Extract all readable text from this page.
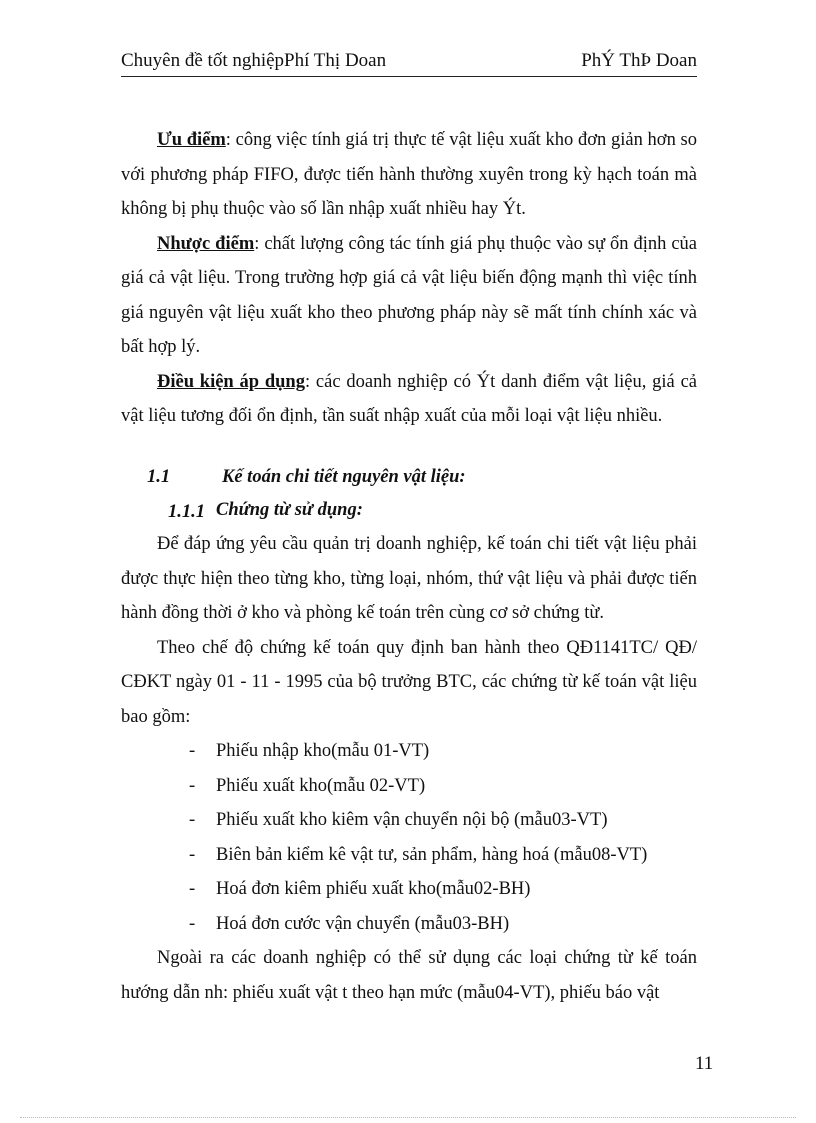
Chuyên đề tốt nghiệpPhí Thị Doan	PhÝ ThÞ Doan

Ưu điểm: công việc tính giá trị thực tế vật liệu xuất kho đơn giản hơn so với phương pháp FIFO, được tiến hành thường xuyên trong kỳ hạch toán mà không bị phụ thuộc vào số lần nhập xuất nhiều hay Ýt.

Nhược điểm: chất lượng công tác tính giá phụ thuộc vào sự ổn định của giá cả vật liệu. Trong trường hợp giá cả vật liệu biến động mạnh thì việc tính giá nguyên vật liệu xuất kho theo phương pháp này sẽ mất tính chính xác và bất hợp lý.

Điều kiện áp dụng: các doanh nghiệp có Ýt danh điểm vật liệu, giá cả vật liệu tương đối ổn định, tần suất nhập xuất của mỗi loại vật liệu nhiều.

1.1	Kế toán chi tiết nguyên vật liệu:
1.1.1 Chứng từ sử dụng:

Để đáp ứng yêu cầu quản trị doanh nghiệp, kế toán chi tiết vật liệu phải được thực hiện theo từng kho, từng loại, nhóm, thứ vật liệu và phải được tiến hành đồng thời ở kho và phòng kế toán trên cùng cơ sở chứng từ.

Theo chế độ chứng kế toán quy định ban hành theo QĐ1141TC/ QĐ/ CĐKT ngày 01 - 11 - 1995 của bộ trưởng BTC, các chứng từ kế toán vật liệu bao gồm:

- Phiếu nhập kho(mẫu 01-VT)
- Phiếu xuất kho(mẫu 02-VT)
- Phiếu xuất kho kiêm vận chuyển nội bộ (mẫu03-VT)
- Biên bản kiểm kê vật tư, sản phẩm, hàng hoá (mẫu08-VT)
- Hoá đơn kiêm phiếu xuất kho(mẫu02-BH)
- Hoá đơn cước vận chuyển (mẫu03-BH)

Ngoài ra các doanh nghiệp có thể sử dụng các loại chứng từ kế toán hướng dẫn nh: phiếu xuất vật t theo hạn mức (mẫu04-VT), phiếu báo vật

11
